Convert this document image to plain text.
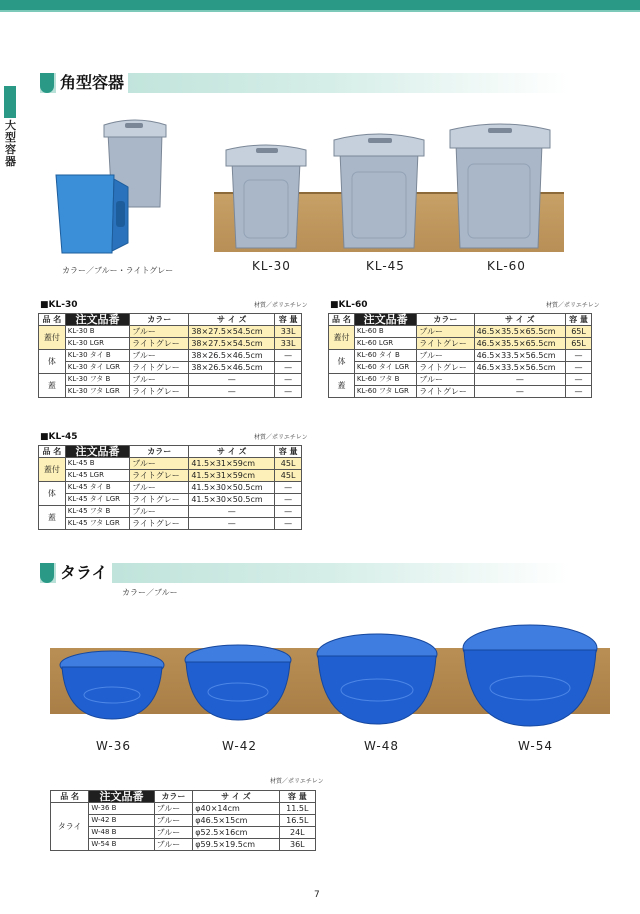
大型容器
角型容器
カラー／ブルー・ライトグレー	KL-30	KL-45	KL-60
■KL-30	材質／ポリエチレン
品 名	注文品番	カラー	サ イ ズ	容 量
蓋付	KL-30 B	ブルー	38×27.5×54.5cm	33L
	KL-30 LGR	ライトグレー	38×27.5×54.5cm	33L
体	KL-30 タイ B	ブルー	38×26.5×46.5cm	—
	KL-30 タイ LGR	ライトグレー	38×26.5×46.5cm	—
蓋	KL-30 フタ B	ブルー	—	—
	KL-30 フタ LGR	ライトグレー	—	—
■KL-60	材質／ポリエチレン
品 名	注文品番	カラー	サ イ ズ	容 量
蓋付	KL-60 B	ブルー	46.5×35.5×65.5cm	65L
	KL-60 LGR	ライトグレー	46.5×35.5×65.5cm	65L
体	KL-60 タイ B	ブルー	46.5×33.5×56.5cm	—
	KL-60 タイ LGR	ライトグレー	46.5×33.5×56.5cm	—
蓋	KL-60 フタ B	ブルー	—	—
	KL-60 フタ LGR	ライトグレー	—	—
■KL-45	材質／ポリエチレン
品 名	注文品番	カラー	サ イ ズ	容 量
蓋付	KL-45 B	ブルー	41.5×31×59cm	45L
	KL-45 LGR	ライトグレー	41.5×31×59cm	45L
体	KL-45 タイ B	ブルー	41.5×30×50.5cm	—
	KL-45 タイ LGR	ライトグレー	41.5×30×50.5cm	—
蓋	KL-45 フタ B	ブルー	—	—
	KL-45 フタ LGR	ライトグレー	—	—
タライ
カラー／ブルー
W-36	W-42	W-48	W-54
材質／ポリエチレン
品 名	注文品番	カラー	サ イ ズ	容 量
タライ	W-36 B	ブルー	φ40×14cm	11.5L
	W-42 B	ブルー	φ46.5×15cm	16.5L
	W-48 B	ブルー	φ52.5×16cm	24L
	W-54 B	ブルー	φ59.5×19.5cm	36L
7
